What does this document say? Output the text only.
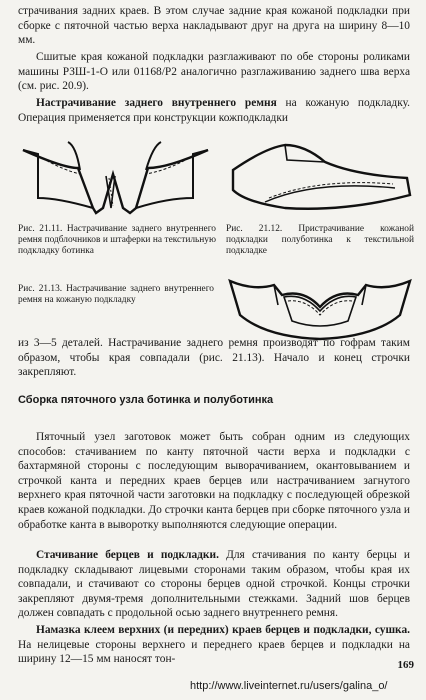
страчивания задних краев. В этом случае задние края кожаной подкладки при сборке с пяточной частью верха накладывают друг на друга на ширину 8—10 мм.

Сшитые края кожаной подкладки разглаживают по обе стороны роликами машины РЗШ-1-О или 01168/Р2 аналогично разглаживанию заднего шва верха (см. рис. 20.9).

Настрачивание заднего внутреннего ремня на кожаную подкладку. Операция применяется при конструкции кожподкладки

Рис. 21.11. Настрачивание заднего внутреннего ремня подблочников и штаферки на текстильную подкладку ботинка

Рис. 21.12. Пристрачивание кожаной подкладки полуботинка к текстильной подкладке

Рис. 21.13. Настрачивание заднего внутреннего ремня на кожаную подкладку

из 3—5 деталей. Настрачивание заднего ремня производят по гофрам таким образом, чтобы края совпадали (рис. 21.13). Начало и конец строчки закрепляют.

Сборка пяточного узла ботинка и полуботинка

Пяточный узел заготовок может быть собран одним из следующих способов: стачиванием по канту пяточной части верха и подкладки с бахтармяной стороны с последующим выворачиванием, окантовыванием и строчкой канта и передних краев берцев или настрачиванием загнутого верхнего края пяточной части заготовки на подкладку с последующей обрезкой краев кожаной подкладки. До строчки канта берцев при сборке пяточного узла и обработке канта в выворотку выполняются следующие операции.

Стачивание берцев и подкладки. Для стачивания по канту берцы и подкладку складывают лицевыми сторонами таким образом, чтобы края их совпадали, и стачивают со стороны берцев одной строчкой. Концы строчки закрепляют двумя-тремя дополнительными стежками. Задний шов берцев должен совпадать с продольной осью заднего внутреннего ремня.

Намазка клеем верхних (и передних) краев берцев и подкладки, сушка. На нелицевые стороны верхнего и переднего краев берцев и подкладки на ширину 12—15 мм наносят тон-	169
http://www.liveinternet.ru/users/galina_o/
